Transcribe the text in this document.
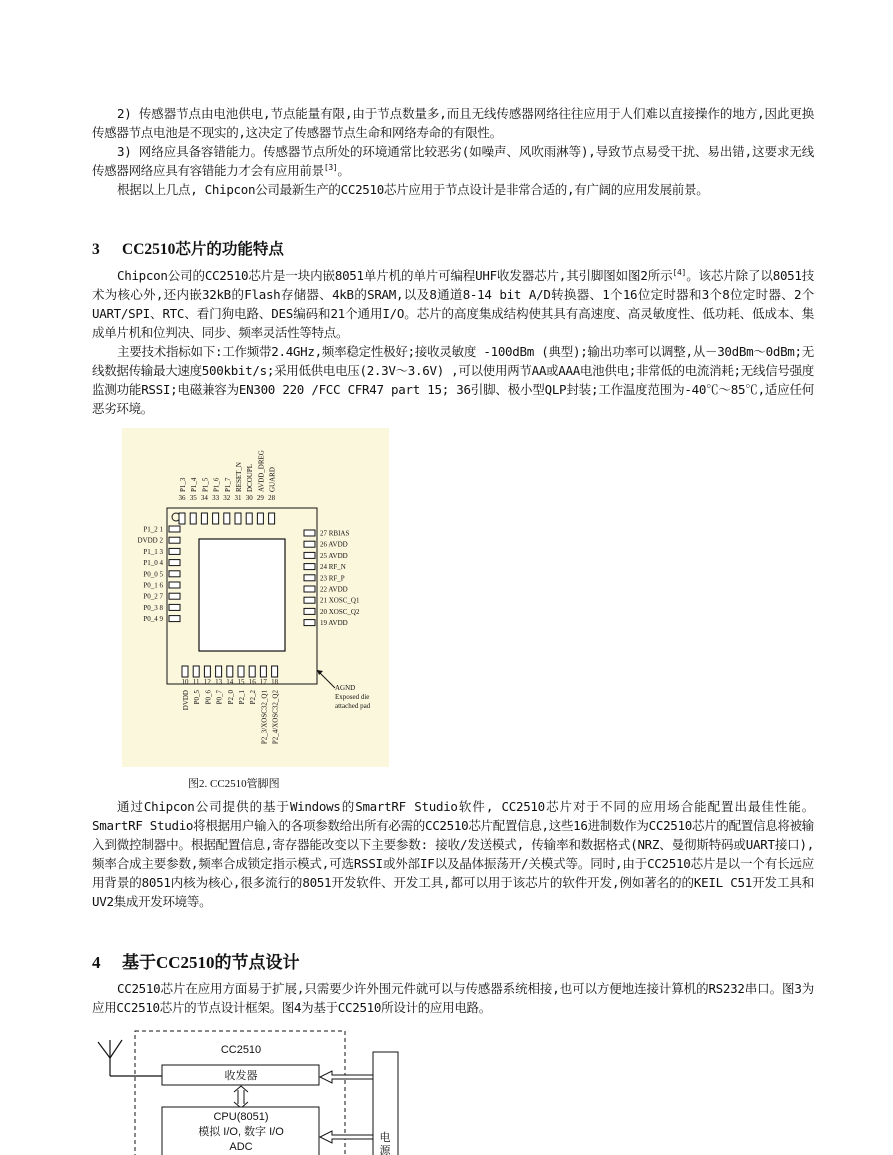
2) 传感器节点由电池供电,节点能量有限,由于节点数量多,而且无线传感器网络往往应用于人们难以直接操作的地方,因此更换传感器节点电池是不现实的,这决定了传感器节点生命和网络寿命的有限性。

3) 网络应具备容错能力。传感器节点所处的环境通常比较恶劣(如噪声、风吹雨淋等),导致节点易受干扰、易出错,这要求无线传感器网络应具有容错能力才会有应用前景[3]。

根据以上几点, Chipcon公司最新生产的CC2510芯片应用于节点设计是非常合适的,有广阔的应用发展前景。

3 CC2510芯片的功能特点

Chipcon公司的CC2510芯片是一块内嵌8051单片机的单片可编程UHF收发器芯片,其引脚图如图2所示[4]。该芯片除了以8051技术为核心外,还内嵌32kB的Flash存储器、4kB的SRAM,以及8通道8-14 bit A/D转换器、1个16位定时器和3个8位定时器、2个UART/SPI、RTC、看门狗电路、DES编码和21个通用I/O。芯片的高度集成结构使其具有高速度、高灵敏度性、低功耗、低成本、集成单片机和位判决、同步、频率灵活性等特点。

主要技术指标如下:工作频带2.4GHz,频率稳定性极好;接收灵敏度 -100dBm (典型);输出功率可以调整,从－30dBm～0dBm;无线数据传输最大速度500kbit/s;采用低供电电压(2.3V～3.6V) ,可以使用两节AA或AAA电池供电;非常低的电流消耗;无线信号强度监测功能RSSI;电磁兼容为EN300 220 /FCC CFR47 part 15; 36引脚、极小型QLP封装;工作温度范围为-40℃～85℃,适应任何恶劣环境。

36
P1_3
35
P1_4
34
P1_5
33
P1_6
32
P1_7
31
RESET_N
30
DCOUPL
29
AVDD_DREG
28
GUARD
10
DVDD
11
P0_5
12
P0_6
13
P0_7
14
P2_0
15
P2_1
16
P2_2
17
P2_3/XOSC32_Q1
18
P2_4/XOSC32_Q2
P1_2 1
DVDD 2
P1_1 3
P1_0 4
P0_0 5
P0_1 6
P0_2 7
P0_3 8
P0_4 9
27 RBIAS
26 AVDD
25 AVDD
24 RF_N
23 RF_P
22 AVDD
21 XOSC_Q1
20 XOSC_Q2
19 AVDD
AGND
Exposed die
attached pad
图2. CC2510管脚图

通过Chipcon公司提供的基于Windows的SmartRF Studio软件, CC2510芯片对于不同的应用场合能配置出最佳性能。SmartRF Studio将根据用户输入的各项参数给出所有必需的CC2510芯片配置信息,这些16进制数作为CC2510芯片的配置信息将被输入到微控制器中。根据配置信息,寄存器能改变以下主要参数: 接收/发送模式, 传输率和数据格式(NRZ、曼彻斯特码或UART接口),频率合成主要参数,频率合成锁定指示模式,可选RSSI或外部IF以及晶体振荡开/关模式等。同时,由于CC2510芯片是以一个有长远应用背景的8051内核为核心,很多流行的8051开发软件、开发工具,都可以用于该芯片的软件开发,例如著名的的KEIL C51开发工具和UV2集成开发环境等。

4 基于CC2510的节点设计

CC2510芯片在应用方面易于扩展,只需要少许外围元件就可以与传感器系统相接,也可以方便地连接计算机的RS232串口。图3为应用CC2510芯片的节点设计框架。图4为基于CC2510所设计的应用电路。

CC2510
收发器
CPU(8051)
模拟 I/O, 数字 I/O
ADC
电
源
